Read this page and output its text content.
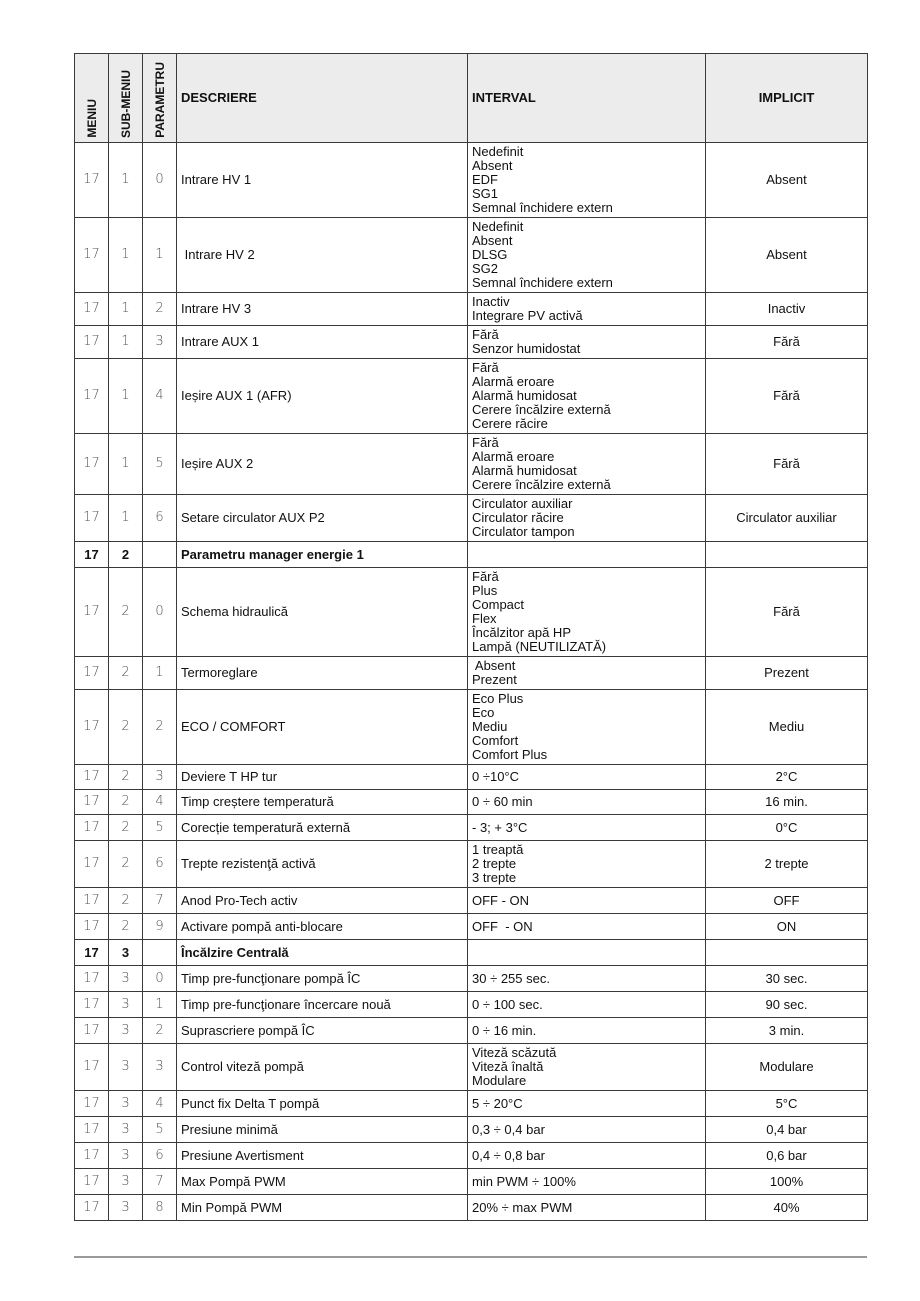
MENIU	SUB-MENIU	PARAMETRU	DESCRIERE	INTERVAL	IMPLICIT
17	1	0	Intrare HV 1	Nedefinit
Absent
EDF
SG1
Semnal închidere extern	Absent
17	1	1	Intrare HV 2	Nedefinit
Absent
DLSG
SG2
Semnal închidere extern	Absent
17	1	2	Intrare HV 3	Inactiv
Integrare PV activă	Inactiv
17	1	3	Intrare AUX 1	Fără
Senzor humidostat	Fără
17	1	4	Ieșire AUX 1 (AFR)	Fără
Alarmă eroare
Alarmă humidosat
Cerere încălzire externă
Cerere răcire	Fără
17	1	5	Ieșire AUX 2	Fără
Alarmă eroare
Alarmă humidosat
Cerere încălzire externă	Fără
17	1	6	Setare circulator AUX P2	Circulator auxiliar
Circulator răcire
Circulator tampon	Circulator auxiliar
17	2		Parametru manager energie 1		
17	2	0	Schema hidraulică	
Fără
Plus
Compact
Flex
Încălzitor apă HP
Lampă (NEUTILIZATĂ)
	Fără
17	2	1	Termoreglare	Absent
Prezent	Prezent
17	2	2	ECO / COMFORT	Eco Plus
Eco
Mediu
Comfort
Comfort Plus	Mediu
17	2	3	Deviere T HP tur	0 ÷10°C	2°C
17	2	4	Timp creștere temperatură	0 ÷ 60 min	16 min.
17	2	5	Corecție temperatură externă	- 3; + 3°C	0°C
17	2	6	Trepte rezistenţă activă	1 treaptă
2 trepte
3 trepte	2 trepte
17	2	7	Anod Pro-Tech activ	OFF - ON	OFF
17	2	9	Activare pompă anti-blocare	OFF  - ON	ON
17	3		Încălzire Centrală		
17	3	0	Timp pre-funcţionare pompă ÎC	30 ÷ 255 sec.	30 sec.
17	3	1	Timp pre-funcţionare încercare nouă	0 ÷ 100 sec.	90 sec.
17	3	2	Suprascriere pompă ÎC	0 ÷ 16 min.	3 min.
17	3	3	Control viteză pompă	Viteză scăzută
Viteză înaltă
Modulare	Modulare
17	3	4	Punct fix Delta T pompă	5 ÷ 20°C	5°C
17	3	5	Presiune minimă	0,3 ÷ 0,4 bar	0,4 bar
17	3	6	Presiune Avertisment	0,4 ÷ 0,8 bar	0,6 bar
17	3	7	Max Pompă PWM	min PWM ÷ 100%	100%
17	3	8	Min Pompă PWM	20% ÷ max PWM	40%
